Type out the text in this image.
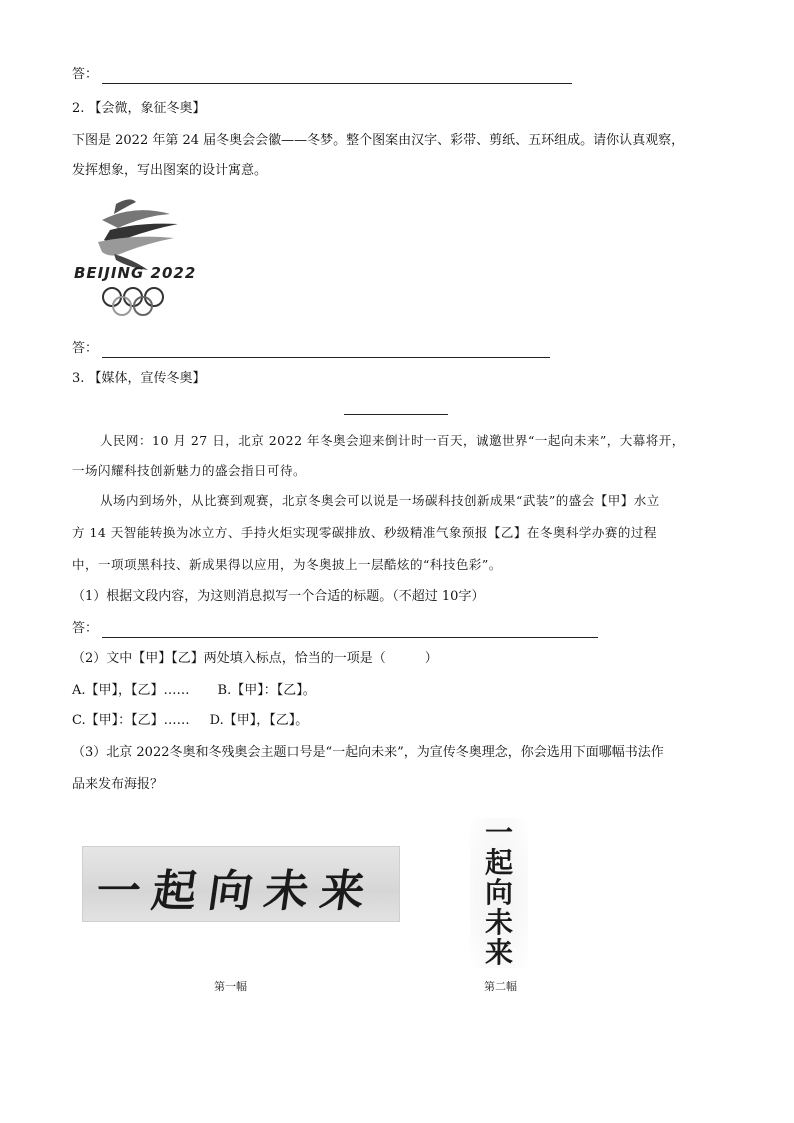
答：
2. 【会微，象征冬奥】
下图是 2022 年第 24 届冬奥会会徽——冬梦。整个图案由汉字、彩带、剪纸、五环组成。请你认真观察，
发挥想象，写出图案的设计寓意。
BEIJING 2022
答：
3. 【媒体，宣传冬奥】
人民网：10 月 27 日，北京 2022 年冬奥会迎来倒计时一百天，诚邀世界“一起向未来”，大幕将开，
一场闪耀科技创新魅力的盛会指日可待。
从场内到场外，从比赛到观赛，北京冬奥会可以说是一场碳科技创新成果“武装”的盛会【甲】水立
方 14 天智能转换为冰立方、手持火炬实现零碳排放、秒级精准气象预报【乙】在冬奥科学办赛的过程
中，一项项黑科技、新成果得以应用，为冬奥披上一层酷炫的“科技色彩”。
（1）根据文段内容，为这则消息拟写一个合适的标题。（不超过 10字）
答：
（2）文中【甲】【乙】两处填入标点，恰当的一项是（　　　）
A.【甲】，【乙】…… B.【甲】：【乙】。
C.【甲】：【乙】…… D.【甲】，【乙】。
（3）北京 2022冬奥和冬残奥会主题口号是“一起向未来”，为宣传冬奥理念，你会选用下面哪幅书法作
品来发布海报？
一起向未来
一
起
向
未
来
第一幅	第二幅
